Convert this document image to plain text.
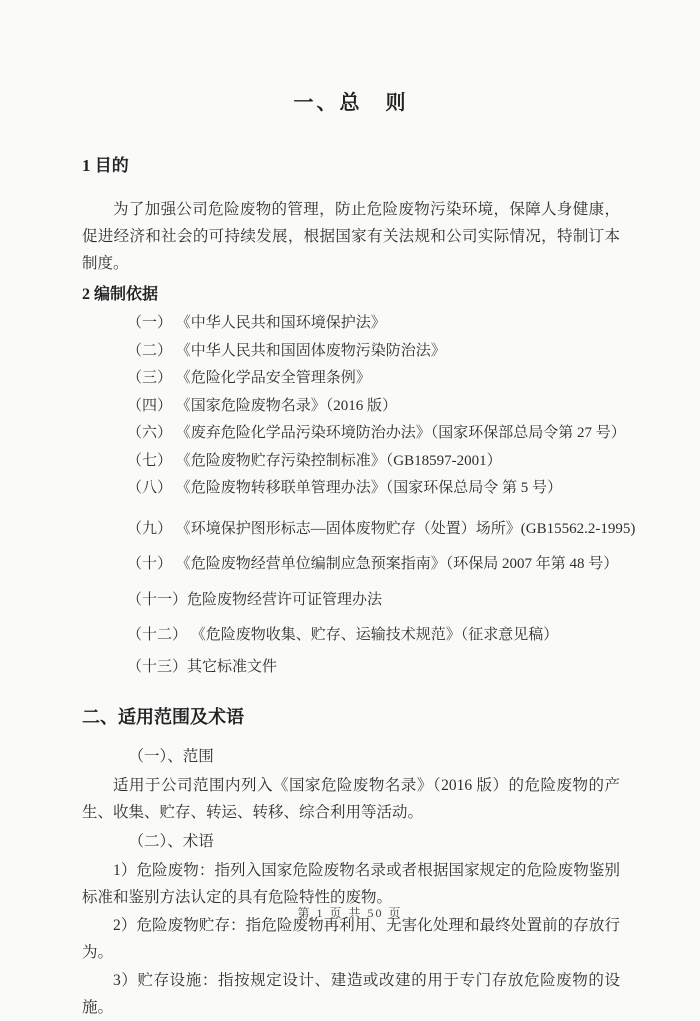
一、总　则
1 目的

为了加强公司危险废物的管理，防止危险废物污染环境，保障人身健康，促进经济和社会的可持续发展，根据国家有关法规和公司实际情况，特制订本制度。

2 编制依据
（一） 《中华人民共和国环境保护法》
（二） 《中华人民共和国固体废物污染防治法》
（三） 《危险化学品安全管理条例》
（四） 《国家危险废物名录》（2016 版）
（六） 《废弃危险化学品污染环境防治办法》（国家环保部总局令第 27 号）
（七） 《危险废物贮存污染控制标准》（GB18597-2001）
（八） 《危险废物转移联单管理办法》（国家环保总局令 第 5 号）
（九） 《环境保护图形标志—固体废物贮存（处置）场所》(GB15562.2-1995)
（十） 《危险废物经营单位编制应急预案指南》（环保局 2007 年第 48 号）
（十一）危险废物经营许可证管理办法
（十二） 《危险废物收集、贮存、运输技术规范》（征求意见稿）
（十三）其它标准文件
二、适用范围及术语
（一）、范围

适用于公司范围内列入《国家危险废物名录》（2016 版）的危险废物的产生、收集、贮存、转运、转移、综合利用等活动。

（二）、术语

1）危险废物：指列入国家危险废物名录或者根据国家规定的危险废物鉴别标准和鉴别方法认定的具有危险特性的废物。

2）危险废物贮存：指危险废物再利用、无害化处理和最终处置前的存放行为。

3）贮存设施：指按规定设计、建造或改建的用于专门存放危险废物的设施。

第 1 页 共 50 页
